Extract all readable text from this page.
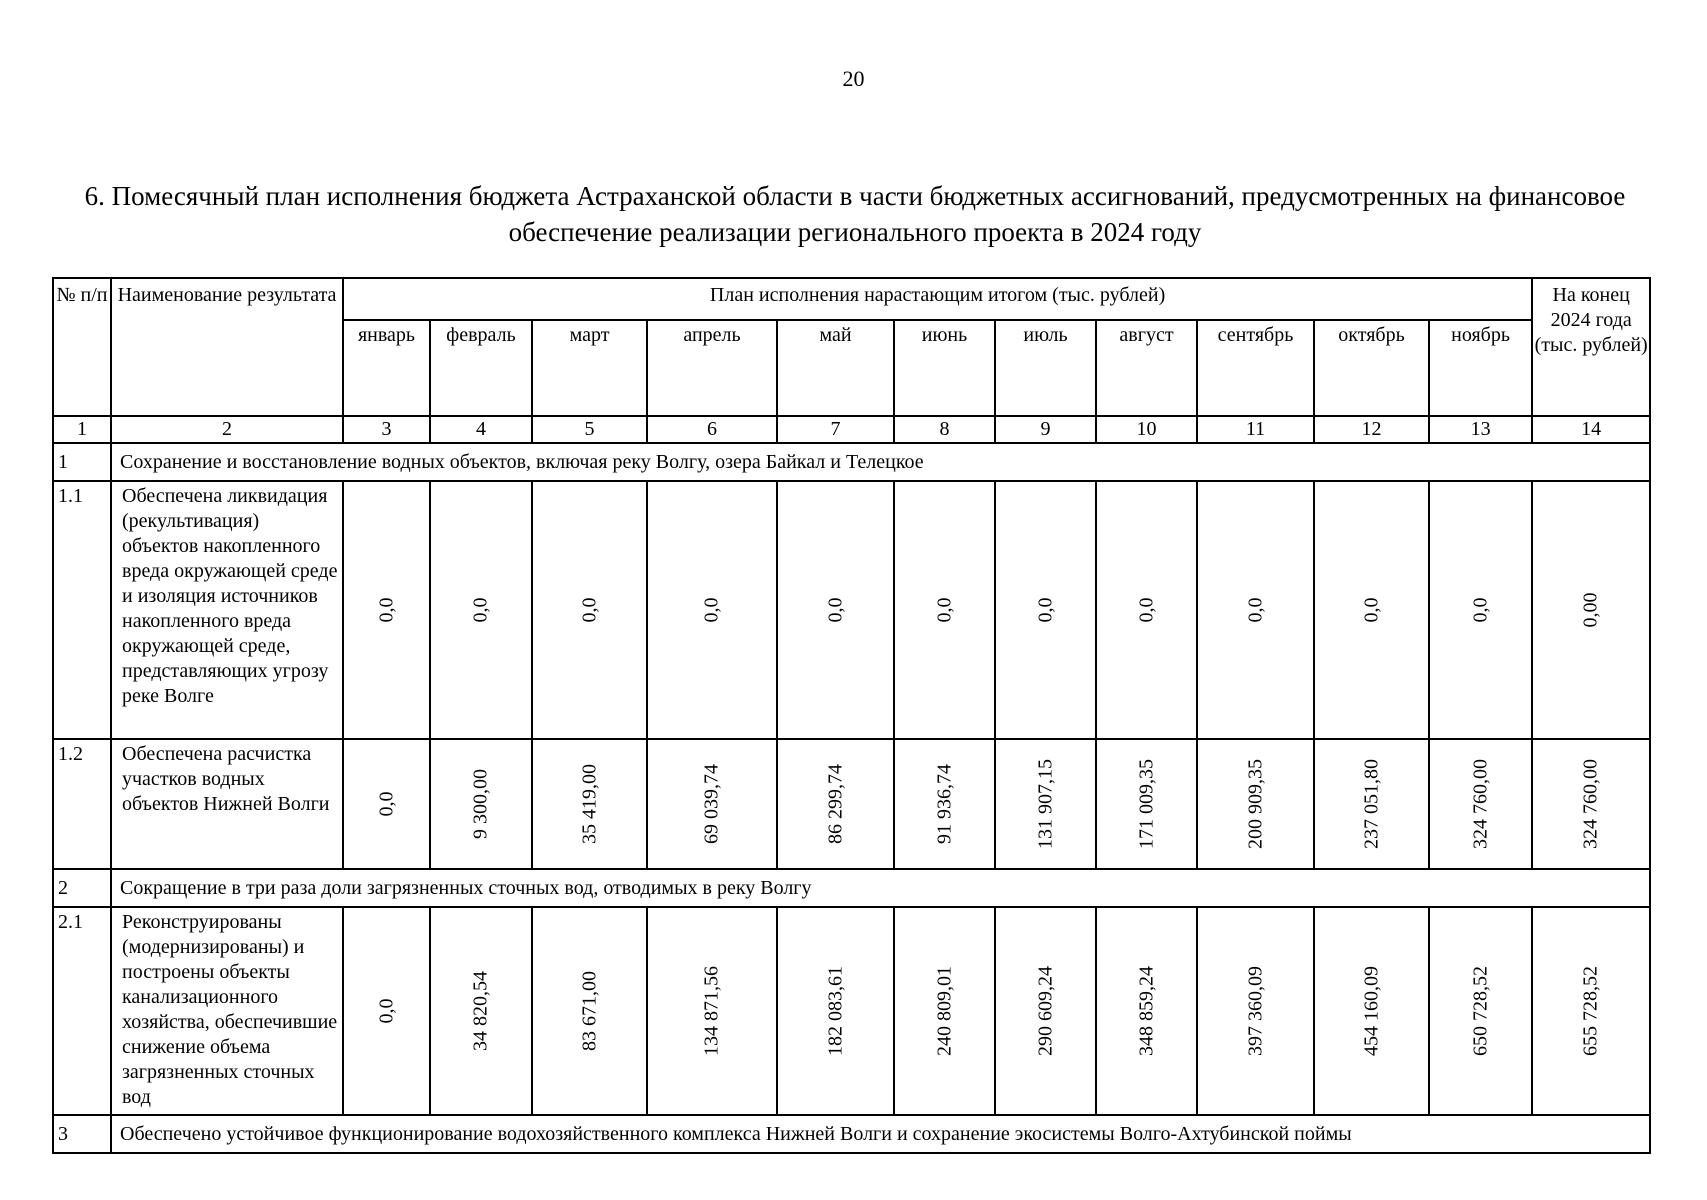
20
6. Помесячный план исполнения бюджета Астраханской области в части бюджетных ассигнований, предусмотренных на финансовое обеспечение реализации регионального проекта в 2024 году
№ п/п	Наименование результата	План исполнения нарастающим итогом (тыс. рублей)											На конец 2024 года (тыс. рублей)
		январь	февраль	март	апрель	май	июнь	июль	август	сентябрь	октябрь	ноябрь	
1	2	3	4	5	6	7	8	9	10	11	12	13	14
1	Сохранение и восстановление водных объектов, включая реку Волгу, озера Байкал и Телецкое												
1.1	Обеспечена ликвидация (рекультивация) объектов накопленного вреда окружающей среде и изоляция источников накопленного вреда окружающей среде, представляющих угрозу реке Волге	0,0	0,0	0,0	0,0	0,0	0,0	0,0	0,0	0,0	0,0	0,0	0,00

1.2	Обеспечена расчистка участков водных объектов Нижней Волги	0,0	9 300,00	35 419,00	69 039,74	86 299,74	91 936,74	131 907,15	171 009,35	200 909,35	237 051,80	324 760,00	324 760,00

2	Сокращение в три раза доли загрязненных сточных вод, отводимых в реку Волгу												
2.1	Реконструированы (модернизированы) и построены объекты канализационного хозяйства, обеспечившие снижение объема загрязненных сточных вод	0,0	34 820,54	83 671,00	134 871,56	182 083,61	240 809,01	290 609,24	348 859,24	397 360,09	454 160,09	650 728,52	655 728,52

3	Обеспечено устойчивое функционирование водохозяйственного комплекса Нижней Волги и сохранение экосистемы Волго-Ахтубинской поймы												
